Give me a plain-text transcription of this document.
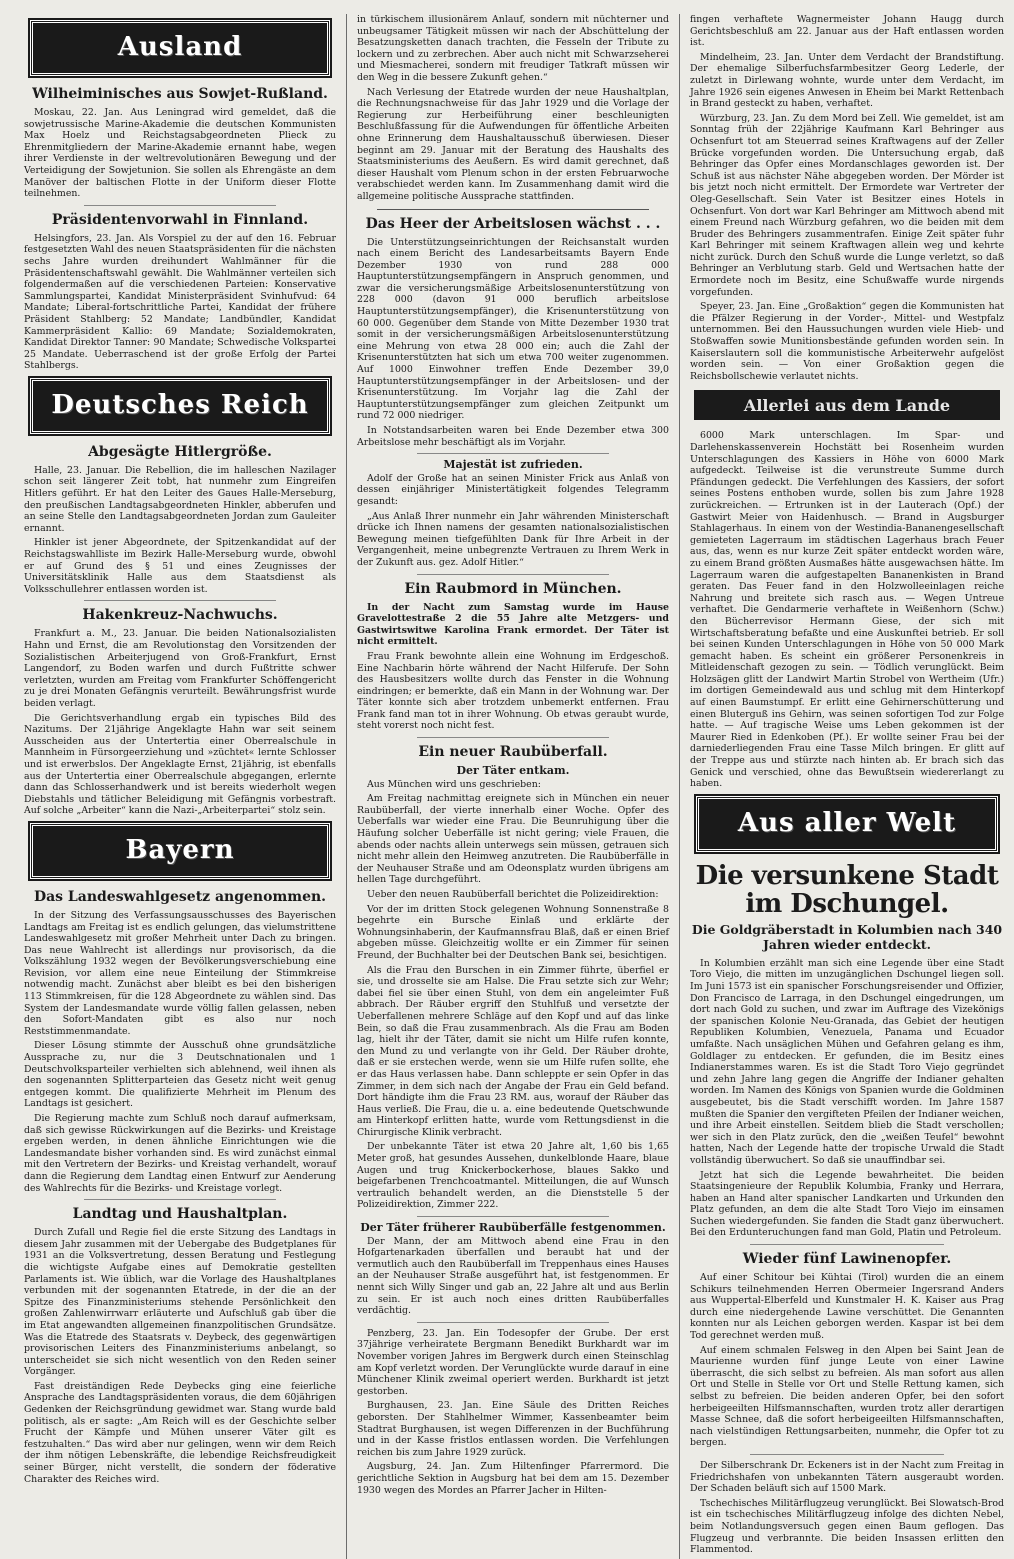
Ausland
Wilheiminisches aus Sowjet-Rußland.

Moskau, 22. Jan. Aus Leningrad wird gemeldet, daß die sowjetrussische Marine-Akademie die deutschen Kommunisten Max Hoelz und Reichstagsabgeordneten Plieck zu Ehrenmitgliedern der Marine-Akademie ernannt habe, wegen ihrer Verdienste in der weltrevolutionären Bewegung und der Verteidigung der Sowjetunion. Sie sollen als Ehrengäste an dem Manöver der baltischen Flotte in der Uniform dieser Flotte teilnehmen.

Präsidentenvorwahl in Finnland.

Helsingfors, 23. Jan. Als Vorspiel zu der auf den 16. Februar festgesetzten Wahl des neuen Staatspräsidenten für die nächsten sechs Jahre wurden dreihundert Wahlmänner für die Präsidentenschaftswahl gewählt. Die Wahlmänner verteilen sich folgendermaßen auf die verschiedenen Parteien: Konservative Sammlungspartei, Kandidat Ministerpräsident Svinhufvud: 64 Mandate; Liberal-fortschrittliche Partei, Kandidat der frühere Präsident Stahlberg: 52 Mandate; Landbündler, Kandidat Kammerpräsident Kallio: 69 Mandate; Sozialdemokraten, Kandidat Direktor Tanner: 90 Mandate; Schwedische Volkspartei 25 Mandate. Ueberraschend ist der große Erfolg der Partei Stahlbergs.

Deutsches Reich
Abgesägte Hitlergröße.

Halle, 23. Januar. Die Rebellion, die im halleschen Nazilager schon seit längerer Zeit tobt, hat nunmehr zum Eingreifen Hitlers geführt. Er hat den Leiter des Gaues Halle-Merseburg, den preußischen Landtagsabgeordneten Hinkler, abberufen und an seine Stelle den Landtagsabgeordneten Jordan zum Gauleiter ernannt.

Hinkler ist jener Abgeordnete, der Spitzenkandidat auf der Reichstagswahlliste im Bezirk Halle-Merseburg wurde, obwohl er auf Grund des § 51 und eines Zeugnisses der Universitätsklinik Halle aus dem Staatsdienst als Volksschullehrer entlassen worden ist.

Hakenkreuz-Nachwuchs.

Frankfurt a. M., 23. Januar. Die beiden Nationalsozialisten Hahn und Ernst, die am Revolutionstag den Vorsitzenden der Sozialistischen Arbeiterjugend von Groß-Frankfurt, Ernst Langendorf, zu Boden warfen und durch Fußtritte schwer verletzten, wurden am Freitag vom Frankfurter Schöffengericht zu je drei Monaten Gefängnis verurteilt. Bewährungsfrist wurde beiden verlagt.

Die Gerichtsverhandlung ergab ein typisches Bild des Nazitums. Der 21jährige Angeklagte Hahn war seit seinem Ausscheiden aus der Untertertia einer Oberrealschule in Mannheim in Fürsorgeerziehung und »züchtet« lernte Schlosser und ist erwerbslos. Der Angeklagte Ernst, 21jährig, ist ebenfalls aus der Untertertia einer Oberrealschule abgegangen, erlernte dann das Schlosserhandwerk und ist bereits wiederholt wegen Diebstahls und tätlicher Beleidigung mit Gefängnis vorbestraft. Auf solche „Arbeiter“ kann die Nazi-„Arbeiterpartei“ stolz sein.

Bayern
Das Landeswahlgesetz angenommen.

In der Sitzung des Verfassungsausschusses des Bayerischen Landtags am Freitag ist es endlich gelungen, das vielumstrittene Landeswahlgesetz mit großer Mehrheit unter Dach zu bringen. Das neue Wahlrecht ist allerdings nur provisorisch, da die Volkszählung 1932 wegen der Bevölkerungsverschiebung eine Revision, vor allem eine neue Einteilung der Stimmkreise notwendig macht. Zunächst aber bleibt es bei den bisherigen 113 Stimmkreisen, für die 128 Abgeordnete zu wählen sind. Das System der Landesmandate wurde völlig fallen gelassen, neben den Sofort-Mandaten gibt es also nur noch Reststimmenmandate.

Dieser Lösung stimmte der Ausschuß ohne grundsätzliche Aussprache zu, nur die 3 Deutschnationalen und 1 Deutschvolksparteiler verhielten sich ablehnend, weil ihnen als den sogenannten Splitterparteien das Gesetz nicht weit genug entgegen kommt. Die qualifizierte Mehrheit im Plenum des Landtags ist gesichert.

Die Regierung machte zum Schluß noch darauf aufmerksam, daß sich gewisse Rückwirkungen auf die Bezirks- und Kreistage ergeben werden, in denen ähnliche Einrichtungen wie die Landesmandate bisher vorhanden sind. Es wird zunächst einmal mit den Vertretern der Bezirks- und Kreistag verhandelt, worauf dann die Regierung dem Landtag einen Entwurf zur Aenderung des Wahlrechts für die Bezirks- und Kreistage vorlegt.

Landtag und Haushaltplan.

Durch Zufall und Regie fiel die erste Sitzung des Landtags in diesem Jahr zusammen mit der Uebergabe des Budgetplanes für 1931 an die Volksvertretung, dessen Beratung und Festlegung die wichtigste Aufgabe eines auf Demokratie gestellten Parlaments ist. Wie üblich, war die Vorlage des Haushaltplanes verbunden mit der sogenannten Etatrede, in der die an der Spitze des Finanzministeriums stehende Persönlichkeit den großen Zahlenwirrwarr erläuterte und Aufschluß gab über die im Etat angewandten allgemeinen finanzpolitischen Grundsätze. Was die Etatrede des Staatsrats v. Deybeck, des gegenwärtigen provisorischen Leiters des Finanzministeriums anbelangt, so unterscheidet sie sich nicht wesentlich von den Reden seiner Vorgänger.

Fast dreiständigen Rede Deybecks ging eine feierliche Ansprache des Landtagspräsidenten voraus, die dem 60jährigen Gedenken der Reichsgründung gewidmet war. Stang wurde bald politisch, als er sagte: „Am Reich will es der Geschichte selber Frucht der Kämpfe und Mühen unserer Väter gilt es festzuhalten.“ Das wird aber nur gelingen, wenn wir dem Reich der ihm nötigen Lebenskräfte, die lebendige Reichsfreudigkeit seiner Bürger, nicht verstellt, die sondern der föderative Charakter des Reiches wird.

in türkischem illusionärem Anlauf, sondern mit nüchterner und unbeugsamer Tätigkeit müssen wir nach der Abschüttelung der Besatzungsketten danach trachten, die Fesseln der Tribute zu lockern und zu zerbrechen. Aber auch nicht mit Schwarzseherei und Miesmacherei, sondern mit freudiger Tatkraft müssen wir den Weg in die bessere Zukunft gehen.“

Nach Verlesung der Etatrede wurden der neue Haushaltplan, die Rechnungsnachweise für das Jahr 1929 und die Vorlage der Regierung zur Herbeiführung einer beschleunigten Beschlußfassung für die Aufwendungen für öffentliche Arbeiten ohne Erinnerung dem Haushaltausschuß überwiesen. Dieser beginnt am 29. Januar mit der Beratung des Haushalts des Staatsministeriums des Aeußern. Es wird damit gerechnet, daß dieser Haushalt vom Plenum schon in der ersten Februarwoche verabschiedet werden kann. Im Zusammenhang damit wird die allgemeine politische Aussprache stattfinden.

Das Heer der Arbeitslosen wächst . . .

Die Unterstützungseinrichtungen der Reichsanstalt wurden nach einem Bericht des Landesarbeitsamts Bayern Ende Dezember 1930 von rund 288 000 Hauptunterstützungsempfängern in Anspruch genommen, und zwar die versicherungsmäßige Arbeitslosenunterstützung von 228 000 (davon 91 000 beruflich arbeitslose Hauptunterstützungsempfänger), die Krisenunterstützung von 60 000. Gegenüber dem Stande von Mitte Dezember 1930 trat somit in der versicherungsmäßigen Arbeitslosenunterstützung eine Mehrung von etwa 28 000 ein; auch die Zahl der Krisenunterstützten hat sich um etwa 700 weiter zugenommen. Auf 1000 Einwohner treffen Ende Dezember 39,0 Hauptunterstützungsempfänger in der Arbeitslosen- und der Krisenunterstützung. Im Vorjahr lag die Zahl der Hauptunterstützungsempfänger zum gleichen Zeitpunkt um rund 72 000 niedriger.

In Notstandsarbeiten waren bei Ende Dezember etwa 300 Arbeitslose mehr beschäftigt als im Vorjahr.

Majestät ist zufrieden.

Adolf der Große hat an seinen Minister Frick aus Anlaß von dessen einjähriger Ministertätigkeit folgendes Telegramm gesandt:

„Aus Anlaß Ihrer nunmehr ein Jahr währenden Ministerschaft drücke ich Ihnen namens der gesamten nationalsozialistischen Bewegung meinen tiefgefühlten Dank für Ihre Arbeit in der Vergangenheit, meine unbegrenzte Vertrauen zu Ihrem Werk in der Zukunft aus. gez. Adolf Hitler.“

Ein Raubmord in München.

In der Nacht zum Samstag wurde im Hause Gravelottestraße 2 die 55 Jahre alte Metzgers- und Gastwirtswitwe Karolina Frank ermordet. Der Täter ist nicht ermittelt.

Frau Frank bewohnte allein eine Wohnung im Erdgeschoß. Eine Nachbarin hörte während der Nacht Hilferufe. Der Sohn des Hausbesitzers wollte durch das Fenster in die Wohnung eindringen; er bemerkte, daß ein Mann in der Wohnung war. Der Täter konnte sich aber trotzdem unbemerkt entfernen. Frau Frank fand man tot in ihrer Wohnung. Ob etwas geraubt wurde, steht vorerst noch nicht fest.

Ein neuer Raubüberfall.
Der Täter entkam.

Aus München wird uns geschrieben:

Am Freitag nachmittag ereignete sich in München ein neuer Raubüberfall, der vierte innerhalb einer Woche. Opfer des Ueberfalls war wieder eine Frau. Die Beunruhigung über die Häufung solcher Ueberfälle ist nicht gering; viele Frauen, die abends oder nachts allein unterwegs sein müssen, getrauen sich nicht mehr allein den Heimweg anzutreten. Die Raubüberfälle in der Neuhauser Straße und am Odeonsplatz wurden übrigens am hellen Tage durchgeführt.

Ueber den neuen Raubüberfall berichtet die Polizeidirektion:

Vor der im dritten Stock gelegenen Wohnung Sonnenstraße 8 begehrte ein Bursche Einlaß und erklärte der Wohnungsinhaberin, der Kaufmannsfrau Blaß, daß er einen Brief abgeben müsse. Gleichzeitig wollte er ein Zimmer für seinen Freund, der Buchhalter bei der Deutschen Bank sei, besichtigen.

Als die Frau den Burschen in ein Zimmer führte, überfiel er sie, und drosselte sie am Halse. Die Frau setzte sich zur Wehr; dabei fiel sie über einen Stuhl, von dem ein angeleimter Fuß abbrach. Der Räuber ergriff den Stuhlfuß und versetzte der Ueberfallenen mehrere Schläge auf den Kopf und auf das linke Bein, so daß die Frau zusammenbrach. Als die Frau am Boden lag, hielt ihr der Täter, damit sie nicht um Hilfe rufen konnte, den Mund zu und verlangte von ihr Geld. Der Räuber drohte, daß er sie erstechen werde, wenn sie um Hilfe rufen sollte, ehe er das Haus verlassen habe. Dann schleppte er sein Opfer in das Zimmer, in dem sich nach der Angabe der Frau ein Geld befand. Dort händigte ihm die Frau 23 RM. aus, worauf der Räuber das Haus verließ. Die Frau, die u. a. eine bedeutende Quetschwunde am Hinterkopf erlitten hatte, wurde vom Rettungsdienst in die Chirurgische Klinik verbracht.

Der unbekannte Täter ist etwa 20 Jahre alt, 1,60 bis 1,65 Meter groß, hat gesundes Aussehen, dunkelblonde Haare, blaue Augen und trug Knickerbockerhose, blaues Sakko und beigefarbenen Trenchcoatmantel. Mitteilungen, die auf Wunsch vertraulich behandelt werden, an die Dienststelle 5 der Polizeidirektion, Zimmer 222.

Der Täter früherer Raubüberfälle festgenommen.

Der Mann, der am Mittwoch abend eine Frau in den Hofgartenarkaden überfallen und beraubt hat und der vermutlich auch den Raubüberfall im Treppenhaus eines Hauses an der Neuhauser Straße ausgeführt hat, ist festgenommen. Er nennt sich Willy Singer und gab an, 22 Jahre alt und aus Berlin zu sein. Er ist auch noch eines dritten Raubüberfalles verdächtig.

Penzberg, 23. Jan. Ein Todesopfer der Grube. Der erst 37jährige verheiratete Bergmann Benedikt Burkhardt war im November vorigen Jahres im Bergwerk durch einen Steinschlag am Kopf verletzt worden. Der Verunglückte wurde darauf in eine Münchener Klinik zweimal operiert werden. Burkhardt ist jetzt gestorben.

Burghausen, 23. Jan. Eine Säule des Dritten Reiches geborsten. Der Stahlhelmer Wimmer, Kassenbeamter beim Stadtrat Burghausen, ist wegen Differenzen in der Buchführung und in der Kasse fristlos entlassen worden. Die Verfehlungen reichen bis zum Jahre 1929 zurück.

Augsburg, 24. Jan. Zum Hiltenfinger Pfarrermord. Die gerichtliche Sektion in Augsburg hat bei dem am 15. Dezember 1930 wegen des Mordes an Pfarrer Jacher in Hilten-

fingen verhaftete Wagnermeister Johann Haugg durch Gerichtsbeschluß am 22. Januar aus der Haft entlassen worden ist.

Mindelheim, 23. Jan. Unter dem Verdacht der Brandstiftung. Der ehemalige Silberfuchsfarmbesitzer Georg Lederle, der zuletzt in Dirlewang wohnte, wurde unter dem Verdacht, im Jahre 1926 sein eigenes Anwesen in Eheim bei Markt Rettenbach in Brand gesteckt zu haben, verhaftet.

Würzburg, 23. Jan. Zu dem Mord bei Zell. Wie gemeldet, ist am Sonntag früh der 22jährige Kaufmann Karl Behringer aus Ochsenfurt tot am Steuerrad seines Kraftwagens auf der Zeller Brücke vorgefunden worden. Die Untersuchung ergab, daß Behringer das Opfer eines Mordanschlages geworden ist. Der Schuß ist aus nächster Nähe abgegeben worden. Der Mörder ist bis jetzt noch nicht ermittelt. Der Ermordete war Vertreter der Oleg-Gesellschaft. Sein Vater ist Besitzer eines Hotels in Ochsenfurt. Von dort war Karl Behringer am Mittwoch abend mit einem Freund nach Würzburg gefahren, wo die beiden mit dem Bruder des Behringers zusammentrafen. Einige Zeit später fuhr Karl Behringer mit seinem Kraftwagen allein weg und kehrte nicht zurück. Durch den Schuß wurde die Lunge verletzt, so daß Behringer an Verblutung starb. Geld und Wertsachen hatte der Ermordete noch im Besitz, eine Schußwaffe wurde nirgends vorgefunden.

Speyer, 23. Jan. Eine „Großaktion“ gegen die Kommunisten hat die Pfälzer Regierung in der Vorder-, Mittel- und Westpfalz unternommen. Bei den Haussuchungen wurden viele Hieb- und Stoßwaffen sowie Munitionsbestände gefunden worden sein. In Kaiserslautern soll die kommunistische Arbeiterwehr aufgelöst worden sein. — Von einer Großaktion gegen die Reichsbollschewie verlautet nichts.

Allerlei aus dem Lande

6000 Mark unterschlagen. Im Spar- und Darlehenskassenverein Hochstätt bei Rosenheim wurden Unterschlagungen des Kassiers in Höhe von 6000 Mark aufgedeckt. Teilweise ist die verunstreute Summe durch Pfändungen gedeckt. Die Verfehlungen des Kassiers, der sofort seines Postens enthoben wurde, sollen bis zum Jahre 1928 zurückreichen. — Ertrunken ist in der Lauterach (Opf.) der Gastwirt Meier von Haidenhusch. — Brand in Augsburger Stahlagerhaus. In einem von der Westindia-Bananengesellschaft gemieteten Lagerraum im städtischen Lagerhaus brach Feuer aus, das, wenn es nur kurze Zeit später entdeckt worden wäre, zu einem Brand größten Ausmaßes hätte ausgewachsen hätte. Im Lagerraum waren die aufgestapelten Bananenkisten in Brand geraten. Das Feuer fand in den Holzwolleeinlagen reiche Nahrung und breitete sich rasch aus. — Wegen Untreue verhaftet. Die Gendarmerie verhaftete in Weißenhorn (Schw.) den Bücherrevisor Hermann Giese, der sich mit Wirtschaftsberatung befaßte und eine Auskunftei betrieb. Er soll bei seinen Kunden Unterschlagungen in Höhe von 50 000 Mark gemacht haben. Es scheint ein größerer Personenkreis in Mitleidenschaft gezogen zu sein. — Tödlich verunglückt. Beim Holzsägen glitt der Landwirt Martin Strobel von Wertheim (Ufr.) im dortigen Gemeindewald aus und schlug mit dem Hinterkopf auf einen Baumstumpf. Er erlitt eine Gehirnerschütterung und einen Bluterguß ins Gehirn, was seinen sofortigen Tod zur Folge hatte. — Auf tragische Weise ums Leben gekommen ist der Maurer Ried in Edenkoben (Pf.). Er wollte seiner Frau bei der darniederliegenden Frau eine Tasse Milch bringen. Er glitt auf der Treppe aus und stürzte nach hinten ab. Er brach sich das Genick und verschied, ohne das Bewußtsein wiedererlangt zu haben.

Aus aller Welt
Die versunkene Stadt im Dschungel.
Die Goldgräberstadt in Kolumbien nach 340 Jahren wieder entdeckt.

In Kolumbien erzählt man sich eine Legende über eine Stadt Toro Viejo, die mitten im unzugänglichen Dschungel liegen soll. Im Juni 1573 ist ein spanischer Forschungsreisender und Offizier, Don Francisco de Larraga, in den Dschungel eingedrungen, um dort nach Gold zu suchen, und zwar im Auftrage des Vizekönigs der spanischen Kolonie Neu-Granada, das Gebiet der heutigen Republiken Kolumbien, Venezuela, Panama und Ecuador umfaßte. Nach unsäglichen Mühen und Gefahren gelang es ihm, Goldlager zu entdecken. Er gefunden, die im Besitz eines Indianerstammes waren. Es ist die Stadt Toro Viejo gegründet und zehn Jahre lang gegen die Angriffe der Indianer gehalten worden. Im Namen des Königs von Spanien wurde die Goldminen ausgebeutet, bis die Stadt verschifft worden. Im Jahre 1587 mußten die Spanier den vergifteten Pfeilen der Indianer weichen, und ihre Arbeit einstellen. Seitdem blieb die Stadt verschollen; wer sich in den Platz zurück, den die „weißen Teufel“ bewohnt hatten, Nach der Legende hatte der tropische Urwald die Stadt vollständig überwuchert. So daß sie unauffindbar sei.

Jetzt hat sich die Legende bewahrheitet. Die beiden Staatsingenieure der Republik Kolumbia, Franky und Herrara, haben an Hand alter spanischer Landkarten und Urkunden den Platz gefunden, an dem die alte Stadt Toro Viejo im einsamen Suchen wiedergefunden. Sie fanden die Stadt ganz überwuchert. Bei den Erdunteruchungen fand man Gold, Platin und Petroleum.

Wieder fünf Lawinenopfer.

Auf einer Schitour bei Kühtai (Tirol) wurden die an einem Schikurs teilnehmenden Herren Obermeier Ingersrand Anders aus Wuppertal-Elberfeld und Kunstmaler H. K. Kaiser aus Prag durch eine niedergehende Lawine verschüttet. Die Genannten konnten nur als Leichen geborgen werden. Kaspar ist bei dem Tod gerechnet werden muß.

Auf einem schmalen Felsweg in den Alpen bei Saint Jean de Maurienne wurden fünf junge Leute von einer Lawine überrascht, die sich selbst zu befreien. Als man sofort aus allen Ort und Stelle in Stelle vor Ort und Stelle Rettung kamen, sich selbst zu befreien. Die beiden anderen Opfer, bei den sofort herbeigeeilten Hilfsmannschaften, wurden trotz aller derartigen Masse Schnee, daß die sofort herbeigeeilten Hilfsmannschaften, nach vielstündigen Rettungsarbeiten, nunmehr, die Opfer tot zu bergen.

Der Silberschrank Dr. Eckeners ist in der Nacht zum Freitag in Friedrichshafen von unbekannten Tätern ausgeraubt worden. Der Schaden beläuft sich auf 1500 Mark.

Tschechisches Militärflugzeug verunglückt. Bei Slowatsch-Brod ist ein tschechisches Militärflugzeug infolge des dichten Nebel, beim Notlandungsversuch gegen einen Baum geflogen. Das Flugzeug und verbrannte. Die beiden Insassen erlitten den Flammentod.
